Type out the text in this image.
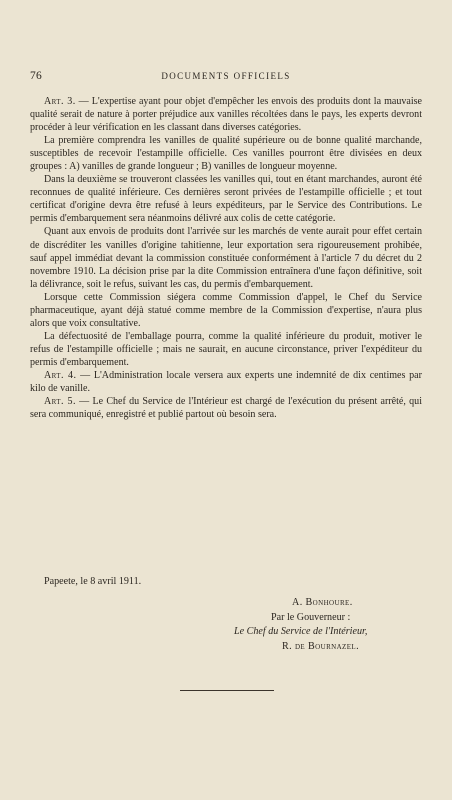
76	DOCUMENTS OFFICIELS

Art. 3. — L'expertise ayant pour objet d'empêcher les envois des produits dont la mauvaise qualité serait de nature à porter préjudice aux vanilles récoltées dans le pays, les experts devront procéder à leur vérification en les classant dans diverses catégories.

La première comprendra les vanilles de qualité supérieure ou de bonne qualité marchande, susceptibles de recevoir l'estampille officielle. Ces vanilles pourront être divisées en deux groupes : A) vanilles de grande longueur ; B) vanilles de longueur moyenne.

Dans la deuxième se trouveront classées les vanilles qui, tout en étant marchandes, auront été reconnues de qualité inférieure. Ces dernières seront privées de l'estampille officielle ; et tout certificat d'origine devra être refusé à leurs expéditeurs, par le Service des Contributions. Le permis d'embarquement sera néanmoins délivré aux colis de cette catégorie.

Quant aux envois de produits dont l'arrivée sur les marchés de vente aurait pour effet certain de discréditer les vanilles d'origine tahitienne, leur exportation sera rigoureusement prohibée, sauf appel immédiat devant la commission constituée conformément à l'article 7 du décret du 2 novembre 1910. La décision prise par la dite Commission entraînera d'une façon définitive, soit la délivrance, soit le refus, suivant les cas, du permis d'embarquement.

Lorsque cette Commission siégera comme Commission d'appel, le Chef du Service pharmaceutique, ayant déjà statué comme membre de la Commission d'expertise, n'aura plus alors que voix consultative.

La défectuosité de l'emballage pourra, comme la qualité inférieure du produit, motiver le refus de l'estampille officielle ; mais ne saurait, en aucune circonstance, priver l'expéditeur du permis d'embarquement.

Art. 4. — L'Administration locale versera aux experts une indemnité de dix centimes par kilo de vanille.

Art. 5. — Le Chef du Service de l'Intérieur est chargé de l'exécution du présent arrêté, qui sera communiqué, enregistré et publié partout où besoin sera.

Papeete, le 8 avril 1911.
A. Bonhoure.
Par le Gouverneur :
Le Chef du Service de l'Intérieur,
R. de Bournazel.
